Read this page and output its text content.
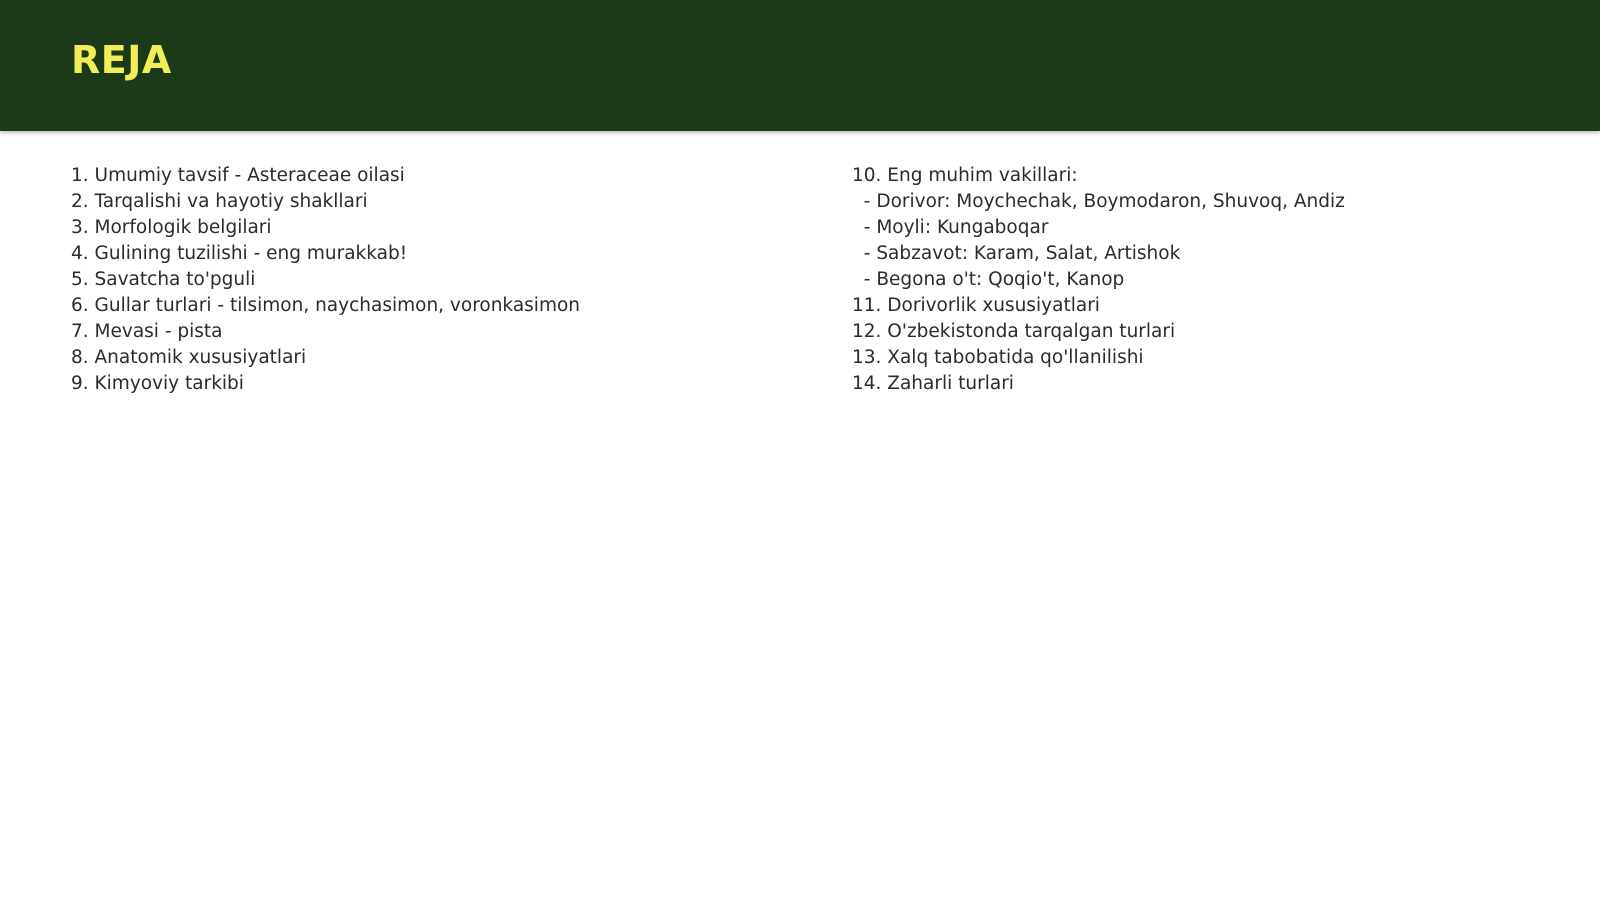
REJA
1. Umumiy tavsif - Asteraceae oilasi
2. Tarqalishi va hayotiy shakllari
3. Morfologik belgilari
4. Gulining tuzilishi - eng murakkab!
5. Savatcha to'pguli
6. Gullar turlari - tilsimon, naychasimon, voronkasimon
7. Mevasi - pista
8. Anatomik xususiyatlari
9. Kimyoviy tarkibi
10. Eng muhim vakillari:
- Dorivor: Moychechak, Boymodaron, Shuvoq, Andiz
- Moyli: Kungaboqar
- Sabzavot: Karam, Salat, Artishok
- Begona o't: Qoqio't, Kanop
11. Dorivorlik xususiyatlari
12. O'zbekistonda tarqalgan turlari
13. Xalq tabobatida qo'llanilishi
14. Zaharli turlari
